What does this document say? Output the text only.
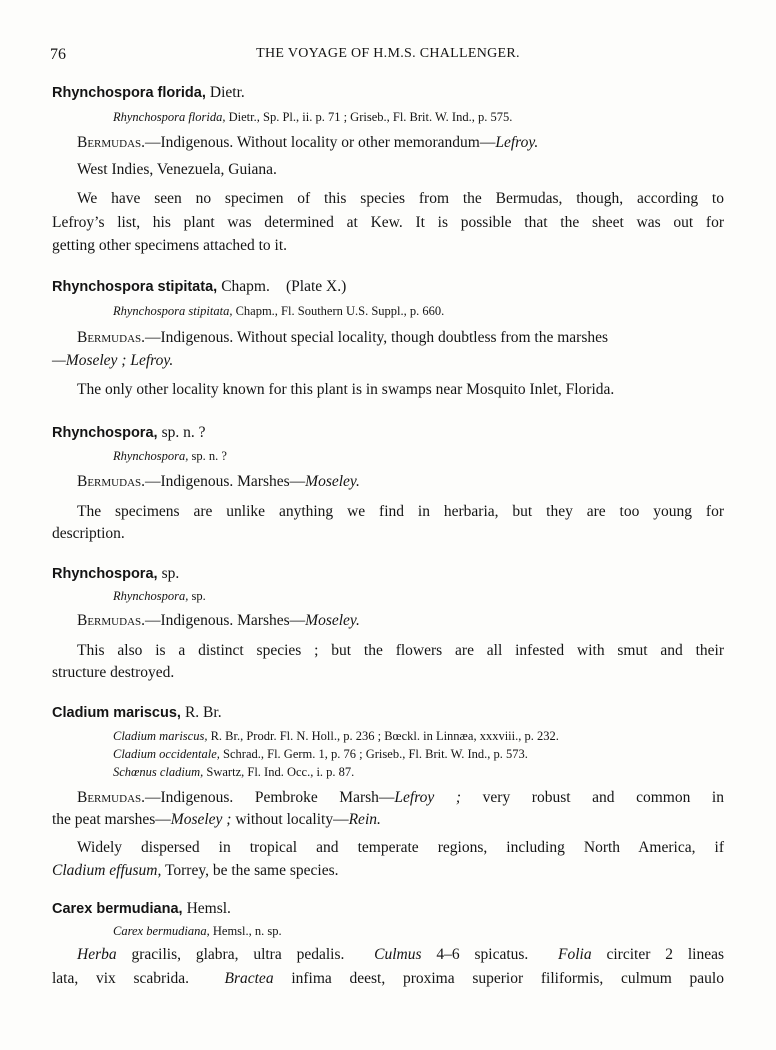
76	THE VOYAGE OF H.M.S. CHALLENGER.
Rhynchospora florida, Dietr.
Rhynchospora florida, Dietr., Sp. Pl., ii. p. 71 ; Griseb., Fl. Brit. W. Ind., p. 575.
Bermudas.—Indigenous. Without locality or other memorandum—Lefroy.
West Indies, Venezuela, Guiana.
We have seen no specimen of this species from the Bermudas, though, according to
Lefroy’s list, his plant was determined at Kew. It is possible that the sheet was out for
getting other specimens attached to it.
Rhynchospora stipitata, Chapm. (Plate X.)
Rhynchospora stipitata, Chapm., Fl. Southern U.S. Suppl., p. 660.
Bermudas.—Indigenous. Without special locality, though doubtless from the marshes
—Moseley ; Lefroy.
The only other locality known for this plant is in swamps near Mosquito Inlet, Florida.
Rhynchospora, sp. n. ?
Rhynchospora, sp. n. ?
Bermudas.—Indigenous. Marshes—Moseley.
The specimens are unlike anything we find in herbaria, but they are too young for
description.
Rhynchospora, sp.
Rhynchospora, sp.
Bermudas.—Indigenous. Marshes—Moseley.
This also is a distinct species ; but the flowers are all infested with smut and their
structure destroyed.
Cladium mariscus, R. Br.
Cladium mariscus, R. Br., Prodr. Fl. N. Holl., p. 236 ; Bœckl. in Linnæa, xxxviii., p. 232.
Cladium occidentale, Schrad., Fl. Germ. 1, p. 76 ; Griseb., Fl. Brit. W. Ind., p. 573.
Schœnus cladium, Swartz, Fl. Ind. Occ., i. p. 87.
Bermudas.—Indigenous. Pembroke Marsh—Lefroy ; very robust and common in
the peat marshes—Moseley ; without locality—Rein.
Widely dispersed in tropical and temperate regions, including North America, if
Cladium effusum, Torrey, be the same species.
Carex bermudiana, Hemsl.
Carex bermudiana, Hemsl., n. sp.
Herba gracilis, glabra, ultra pedalis. Culmus 4–6 spicatus. Folia circiter 2 lineas
lata, vix scabrida. Bractea infima deest, proxima superior filiformis, culmum paulo
